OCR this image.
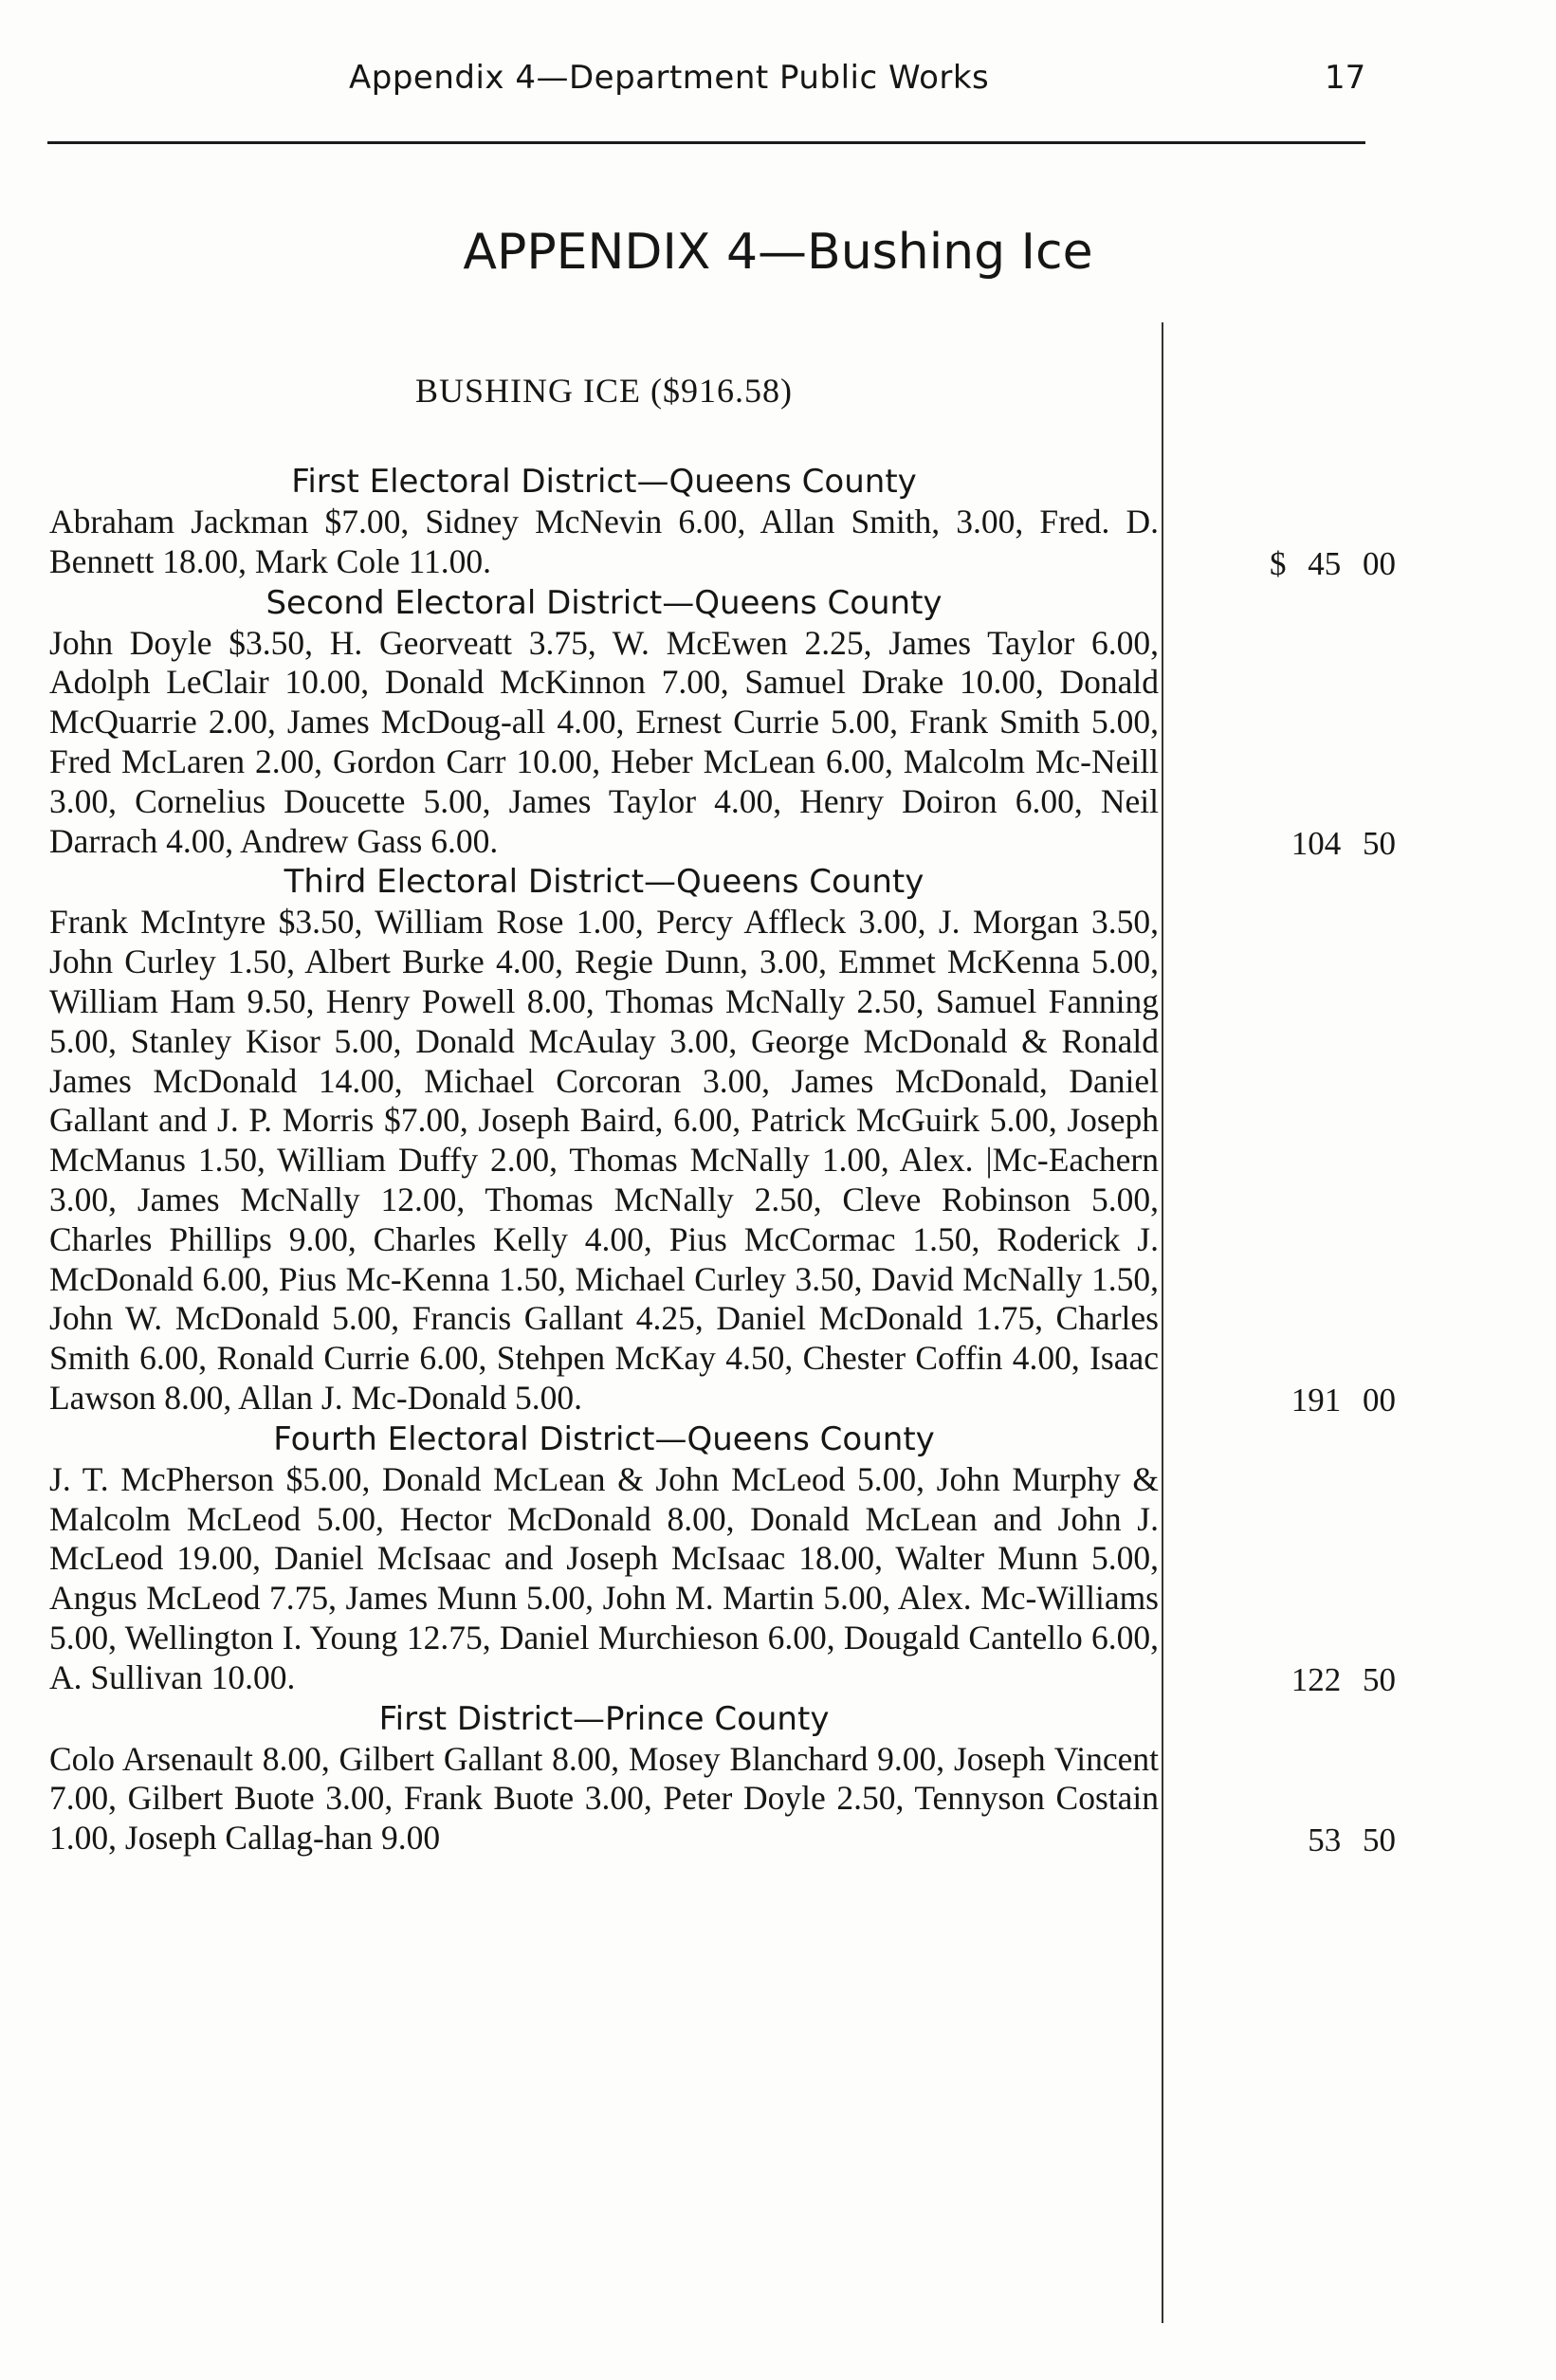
Appendix 4—Department Public Works	17
APPENDIX 4—Bushing Ice

BUSHING ICE ($916.58)

First Electoral District—Queens County

Abraham Jackman $7.00, Sidney McNevin 6.00, Allan Smith, 3.00, Fred. D. Bennett 18.00, Mark Cole 11.00.

Second Electoral District—Queens County

John Doyle $3.50, H. Georveatt 3.75, W. McEwen 2.25, James Taylor 6.00, Adolph LeClair 10.00, Donald McKinnon 7.00, Samuel Drake 10.00, Donald McQuarrie 2.00, James McDoug-all 4.00, Ernest Currie 5.00, Frank Smith 5.00, Fred McLaren 2.00, Gordon Carr 10.00, Heber McLean 6.00, Malcolm Mc-Neill 3.00, Cornelius Doucette 5.00, James Taylor 4.00, Henry Doiron 6.00, Neil Darrach 4.00, Andrew Gass 6.00.

Third Electoral District—Queens County

Frank McIntyre $3.50, William Rose 1.00, Percy Affleck 3.00, J. Morgan 3.50, John Curley 1.50, Albert Burke 4.00, Regie Dunn, 3.00, Emmet McKenna 5.00, William Ham 9.50, Henry Powell 8.00, Thomas McNally 2.50, Samuel Fanning 5.00, Stanley Kisor 5.00, Donald McAulay 3.00, George McDonald & Ronald James McDonald 14.00, Michael Corcoran 3.00, James McDonald, Daniel Gallant and J. P. Morris $7.00, Joseph Baird, 6.00, Patrick McGuirk 5.00, Joseph McManus 1.50, William Duffy 2.00, Thomas McNally 1.00, Alex. |Mc-Eachern 3.00, James McNally 12.00, Thomas McNally 2.50, Cleve Robinson 5.00, Charles Phillips 9.00, Charles Kelly 4.00, Pius McCormac 1.50, Roderick J. McDonald 6.00, Pius Mc-Kenna 1.50, Michael Curley 3.50, David McNally 1.50, John W. McDonald 5.00, Francis Gallant 4.25, Daniel McDonald 1.75, Charles Smith 6.00, Ronald Currie 6.00, Stehpen McKay 4.50, Chester Coffin 4.00, Isaac Lawson 8.00, Allan J. Mc-Donald 5.00.

Fourth Electoral District—Queens County

J. T. McPherson $5.00, Donald McLean & John McLeod 5.00, John Murphy & Malcolm McLeod 5.00, Hector McDonald 8.00, Donald McLean and John J. McLeod 19.00, Daniel McIsaac and Joseph McIsaac 18.00, Walter Munn 5.00, Angus McLeod 7.75, James Munn 5.00, John M. Martin 5.00, Alex. Mc-Williams 5.00, Wellington I. Young 12.75, Daniel Murchieson 6.00, Dougald Cantello 6.00, A. Sullivan 10.00.

First District—Prince County

Colo Arsenault 8.00, Gilbert Gallant 8.00, Mosey Blanchard 9.00, Joseph Vincent 7.00, Gilbert Buote 3.00, Frank Buote 3.00, Peter Doyle 2.50, Tennyson Costain 1.00, Joseph Callag-han 9.00

$ 45 00
104 50
191 00
122 50
53 50
